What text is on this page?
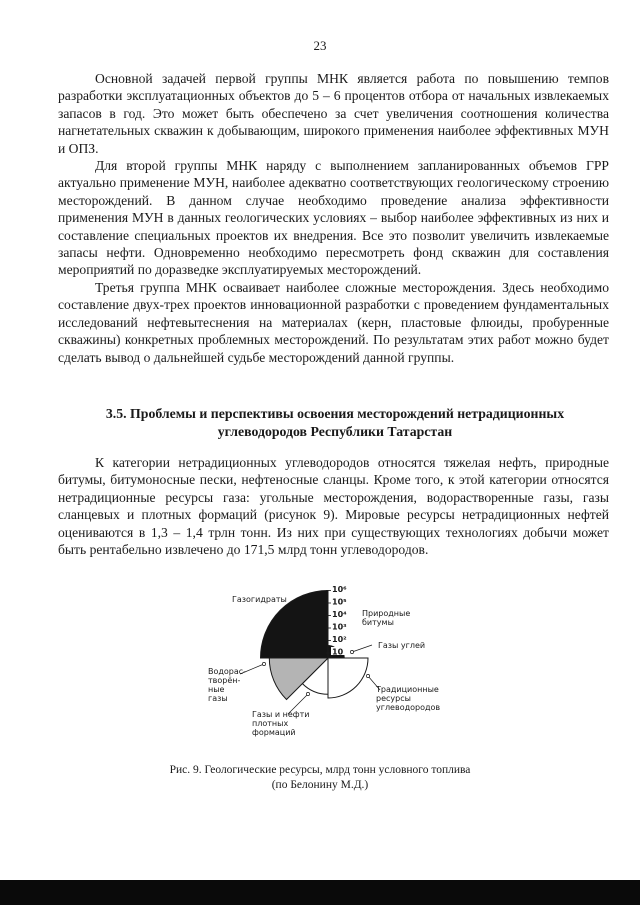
23

Основной задачей первой группы МНК является работа по повышению темпов разработки эксплуатационных объектов до 5 – 6 процентов отбора от начальных извлекаемых запасов в год. Это может быть обеспечено за счет увеличения соотношения количества нагнетательных скважин к добывающим, широкого применения наиболее эффективных МУН и ОПЗ.

Для второй группы МНК наряду с выполнением запланированных объемов ГРР актуально применение МУН, наиболее адекватно соответствующих геологическому строению месторождений. В данном случае необходимо проведение анализа эффективности применения МУН в данных геологических условиях – выбор наиболее эффективных из них и составление специальных проектов их внедрения. Все это позволит увеличить извлекаемые запасы нефти. Одновременно необходимо пересмотреть фонд скважин для составления мероприятий по доразведке эксплуатируемых месторождений.

Третья группа МНК осваивает наиболее сложные месторождения. Здесь необходимо составление двух-трех проектов инновационной разработки с проведением фундаментальных исследований нефтевытеснения на материалах (керн, пластовые флюиды, пробуренные скважины) конкретных проблемных месторождений. По результатам этих работ можно будет сделать вывод о дальнейшей судьбе месторождений данной группы.

3.5. Проблемы и перспективы освоения месторождений нетрадиционных углеводородов Республики Татарстан

К категории нетрадиционных углеводородов относятся тяжелая нефть, природные битумы, битумоносные пески, нефтеносные сланцы. Кроме того, к этой категории относятся нетрадиционные ресурсы газа: угольные месторождения, водорастворенные газы, газы сланцевых и плотных формаций (рисунок 9). Мировые ресурсы нетрадиционных нефтей оцениваются в 1,3 – 1,4 трлн тонн. Из них при существующих технологиях добычи может быть рентабельно извлечено до 171,5 млрд тонн углеводородов.

Газогидраты
Природные битумы
Газы углей
Традиционные ресурсы углеводородов
Газы и нефти плотных формаций
Водорас-творён-ные газы
10
10²
10³
10⁴
10⁵
10⁶
Рис. 9. Геологические ресурсы, млрд тонн условного топлива
(по Белонину М.Д.)
